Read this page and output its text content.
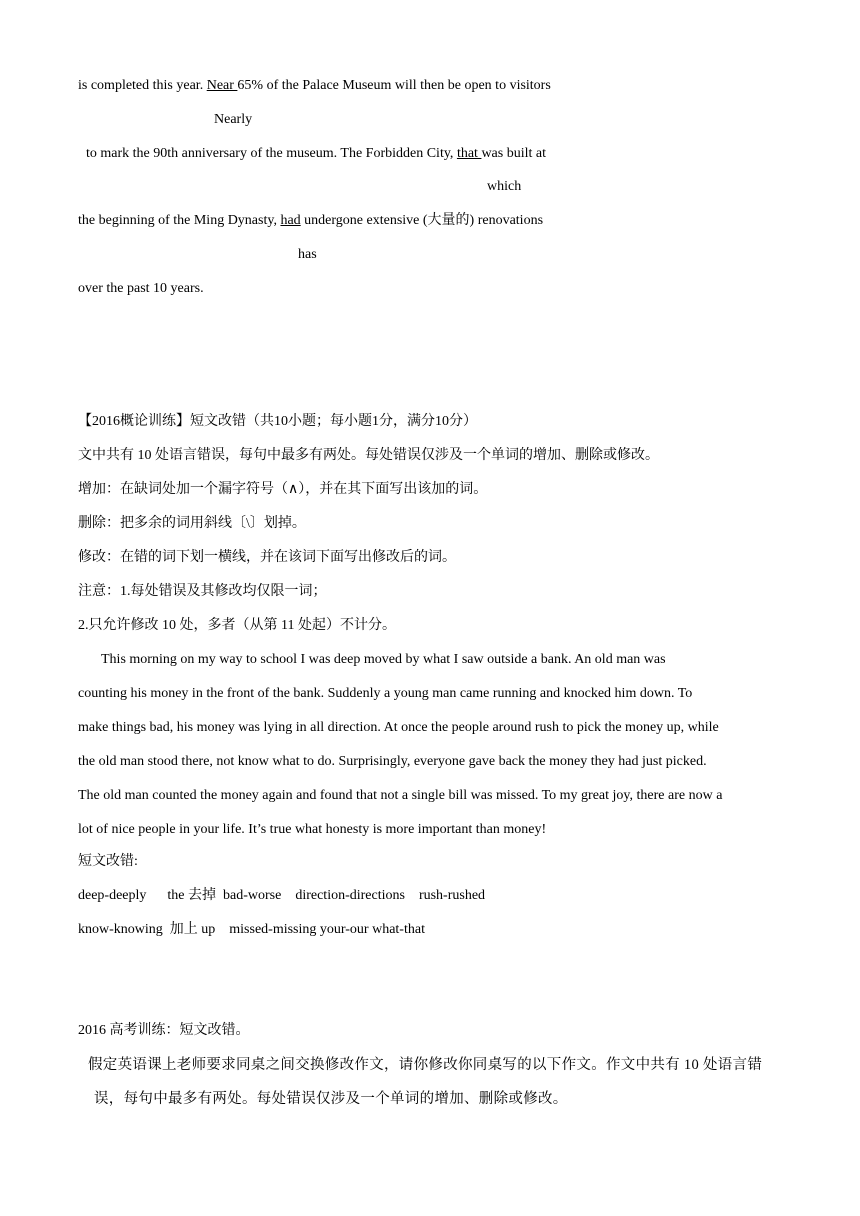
is completed this year. Near 65% of the Palace Museum will then be open to visitors
Nearly
to mark the 90th anniversary of the museum. The Forbidden City, that was built at
which
the beginning of the Ming Dynasty, had undergone extensive (大量的) renovations
has
over the past 10 years.
【2016概论训练】短文改错（共10小题；每小题1分，满分10分）
文中共有 10 处语言错误，每句中最多有两处。每处错误仅涉及一个单词的增加、删除或修改。
增加：在缺词处加一个漏字符号（∧），并在其下面写出该加的词。
删除：把多余的词用斜线〔\〕划掉。
修改：在错的词下划一横线，并在该词下面写出修改后的词。
注意：1.每处错误及其修改均仅限一词；
2.只允许修改 10 处，多者（从第 11 处起）不计分。
This morning on my way to school I was deep moved by what I saw outside a bank. An old man was
counting his money in the front of the bank. Suddenly a young man came running and knocked him down. To
make things bad, his money was lying in all direction. At once the people around rush to pick the money up, while
the old man stood there, not know what to do. Surprisingly, everyone gave back the money they had just picked.
The old man counted the money again and found that not a single bill was missed. To my great joy, there are now a
lot of nice people in your life. It’s true what honesty is more important than money!
短文改错:
deep-deeply      the 去掉  bad-worse    direction-directions    rush-rushed
know-knowing  加上 up    missed-missing your-our what-that
2016 高考训练：短文改错。
假定英语课上老师要求同桌之间交换修改作文，请你修改你同桌写的以下作文。作文中共有 10 处语言错
误，每句中最多有两处。每处错误仅涉及一个单词的增加、删除或修改。
